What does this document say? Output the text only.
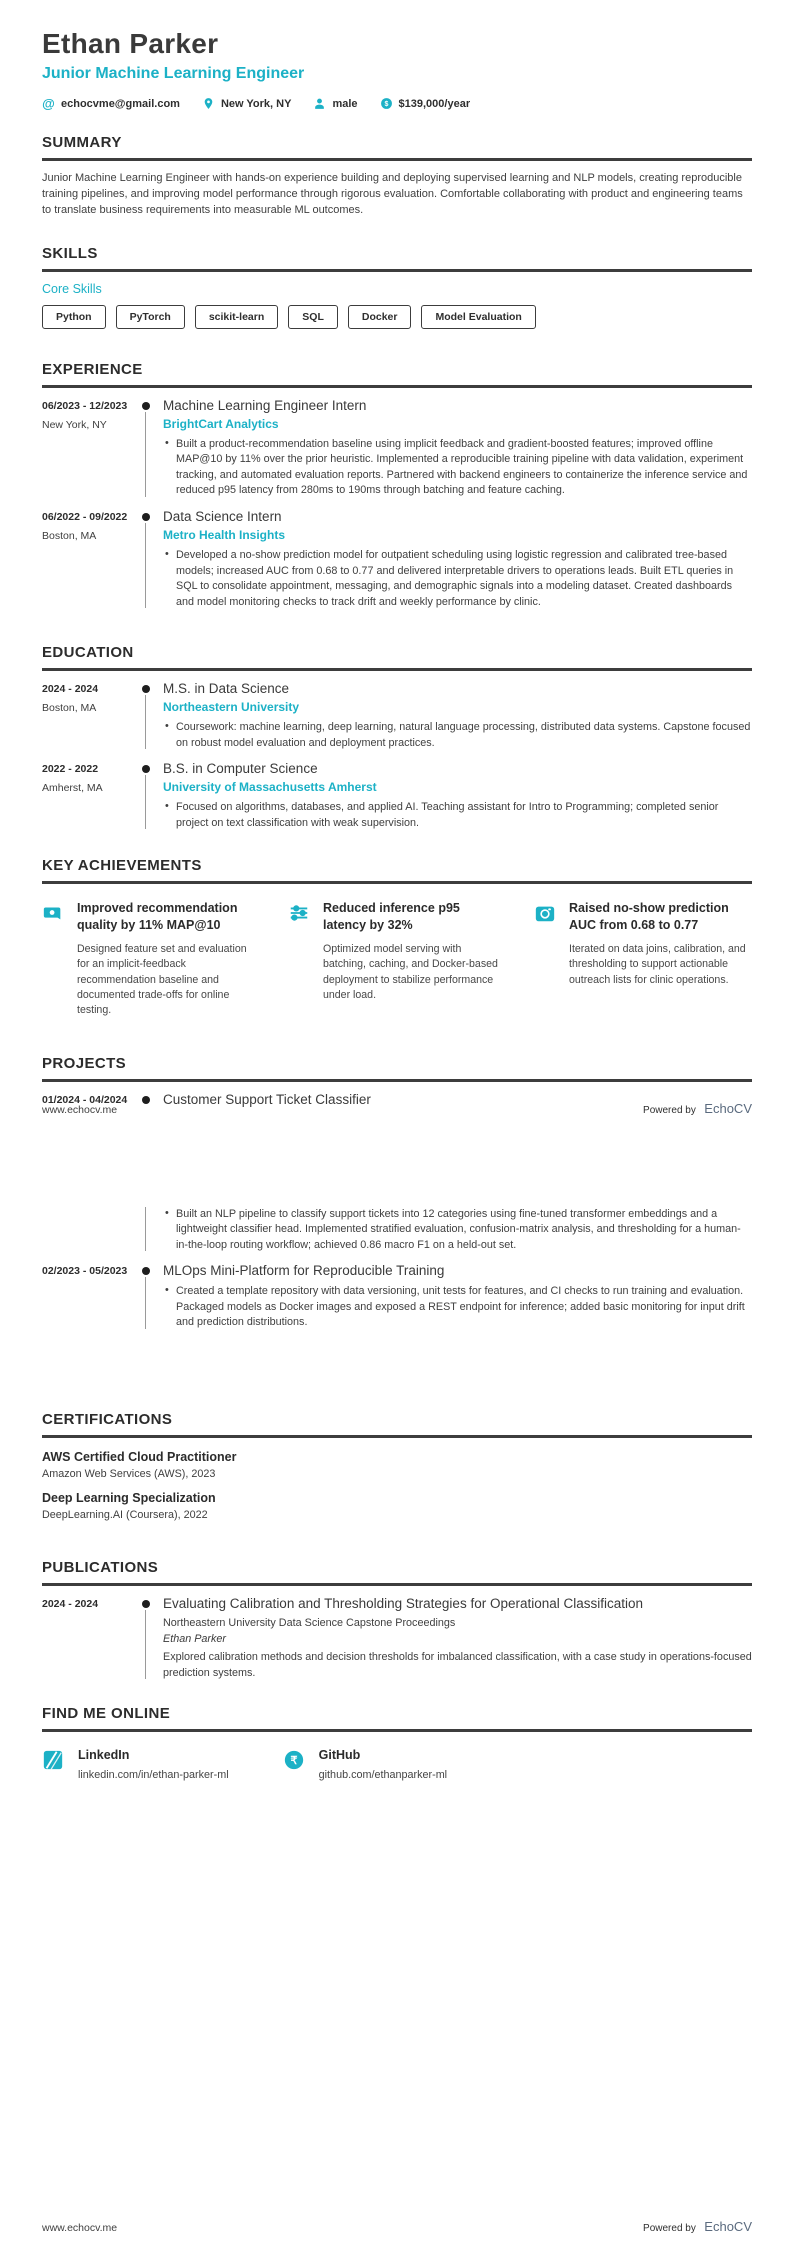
Ethan Parker
Junior Machine Learning Engineer
@ echocvme@gmail.com	New York, NY	male $ $139,000/year
SUMMARY
Junior Machine Learning Engineer with hands-on experience building and deploying supervised learning and NLP models, creating reproducible training pipelines, and improving model performance through rigorous evaluation. Comfortable collaborating with product and engineering teams to translate business requirements into measurable ML outcomes.
SKILLS
Core Skills
Python	PyTorch	scikit-learn	SQL	Docker	Model Evaluation
EXPERIENCE
06/2023 - 12/2023
New York, NY
Machine Learning Engineer Intern
BrightCart Analytics
• Built a product-recommendation baseline using implicit feedback and gradient-boosted features; improved offline MAP@10 by 11% over the prior heuristic. Implemented a reproducible training pipeline with data validation, experiment tracking, and automated evaluation reports. Partnered with backend engineers to containerize the inference service and reduced p95 latency from 280ms to 190ms through batching and feature caching.
06/2022 - 09/2022
Boston, MA
Data Science Intern
Metro Health Insights
• Developed a no-show prediction model for outpatient scheduling using logistic regression and calibrated tree-based models; increased AUC from 0.68 to 0.77 and delivered interpretable drivers to operations leads. Built ETL queries in SQL to consolidate appointment, messaging, and demographic signals into a modeling dataset. Created dashboards and model monitoring checks to track drift and weekly performance by clinic.
EDUCATION
2024 - 2024
Boston, MA
M.S. in Data Science
Northeastern University
• Coursework: machine learning, deep learning, natural language processing, distributed data systems. Capstone focused on robust model evaluation and deployment practices.
2022 - 2022
Amherst, MA
B.S. in Computer Science
University of Massachusetts Amherst
• Focused on algorithms, databases, and applied AI. Teaching assistant for Intro to Programming; completed senior project on text classification with weak supervision.
KEY ACHIEVEMENTS
Improved recommendation quality by 11% MAP@10
Designed feature set and evaluation for an implicit-feedback recommendation baseline and documented trade-offs for online testing.
Reduced inference p95 latency by 32%
Optimized model serving with batching, caching, and Docker-based deployment to stabilize performance under load.
Raised no-show prediction AUC from 0.68 to 0.77
Iterated on data joins, calibration, and thresholding to support actionable outreach lists for clinic operations.
PROJECTS
01/2024 - 04/2024	Customer Support Ticket Classifier
• Built an NLP pipeline to classify support tickets into 12 categories using fine-tuned transformer embeddings and a lightweight classifier head. Implemented stratified evaluation, confusion-matrix analysis, and thresholding for a human-in-the-loop routing workflow; achieved 0.86 macro F1 on a held-out set.
02/2023 - 05/2023	MLOps Mini-Platform for Reproducible Training
• Created a template repository with data versioning, unit tests for features, and CI checks to run training and evaluation. Packaged models as Docker images and exposed a REST endpoint for inference; added basic monitoring for input drift and prediction distributions.
CERTIFICATIONS
AWS Certified Cloud Practitioner
Amazon Web Services (AWS), 2023
Deep Learning Specialization
DeepLearning.AI (Coursera), 2022
PUBLICATIONS
2024 - 2024	Evaluating Calibration and Thresholding Strategies for Operational Classification
Northeastern University Data Science Capstone Proceedings
Ethan Parker
Explored calibration methods and decision thresholds for imbalanced classification, with a case study in operations-focused prediction systems.
FIND ME ONLINE
LinkedIn
linkedin.com/in/ethan-parker-ml
₹ GitHub
github.com/ethanparker-ml
www.echocv.me	Powered by EchoCV
www.echocv.me	Powered by EchoCV
